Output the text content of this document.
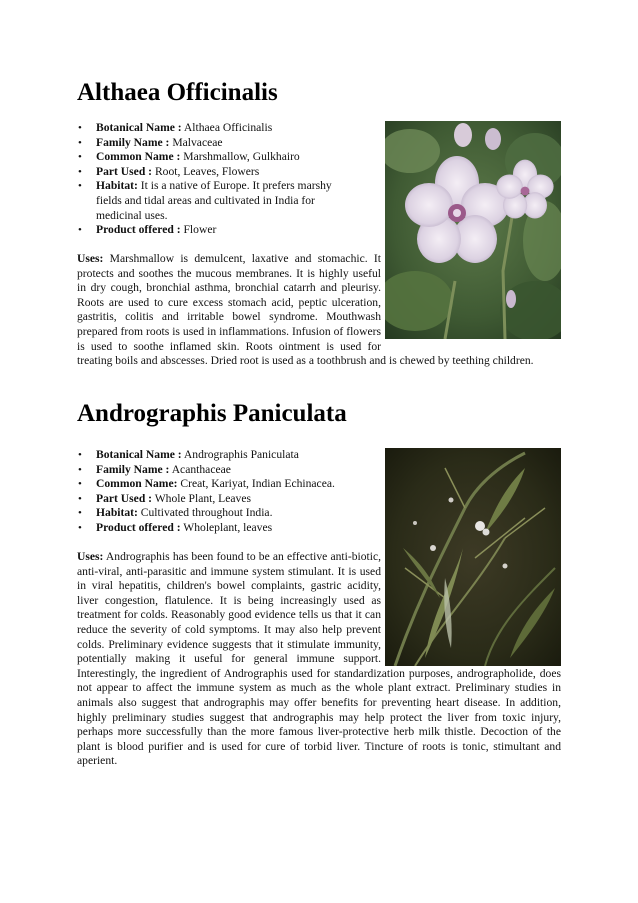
Althaea Officinalis
• Botanical Name : Althaea Officinalis
• Family Name : Malvaceae
• Common Name : Marshmallow, Gulkhairo
• Part Used : Root, Leaves, Flowers
• Habitat: It is a native of Europe. It prefers marshy fields and tidal areas and cultivated in India for medicinal uses.
• Product offered : Flower

Uses: Marshmallow is demulcent, laxative and stomachic. It protects and soothes the mucous membranes. It is highly useful in dry cough, bronchial asthma, bronchial catarrh and pleurisy. Roots are used to cure excess stomach acid, peptic ulceration, gastritis, colitis and irritable bowel syndrome. Mouthwash prepared from roots is used in inflammations. Infusion of flowers is used to soothe inflamed skin. Roots ointment is used for treating boils and abscesses. Dried root is used as a toothbrush and is chewed by teething children.

Andrographis Paniculata
• Botanical Name : Andrographis Paniculata
• Family Name : Acanthaceae
• Common Name: Creat, Kariyat, Indian Echinacea.
• Part Used : Whole Plant, Leaves
• Habitat: Cultivated throughout India.
• Product offered : Wholeplant, leaves

Uses: Andrographis has been found to be an effective anti-biotic, anti-viral, anti-parasitic and immune system stimulant. It is used in viral hepatitis, children's bowel complaints, gastric acidity, liver congestion, flatulence. It is being increasingly used as treatment for colds. Reasonably good evidence tells us that it can reduce the severity of cold symptoms. It may also help prevent colds. Preliminary evidence suggests that it stimulate immunity, potentially making it useful for general immune support. Interestingly, the ingredient of Andrographis used for standardization purposes, andrographolide, does not appear to affect the immune system as much as the whole plant extract. Preliminary studies in animals also suggest that andrographis may offer benefits for preventing heart disease. In addition, highly preliminary studies suggest that andrographis may help protect the liver from toxic injury, perhaps more successfully than the more famous liver-protective herb milk thistle. Decoction of the plant is blood purifier and is used for cure of torbid liver. Tincture of roots is tonic, stimultant and aperient.
